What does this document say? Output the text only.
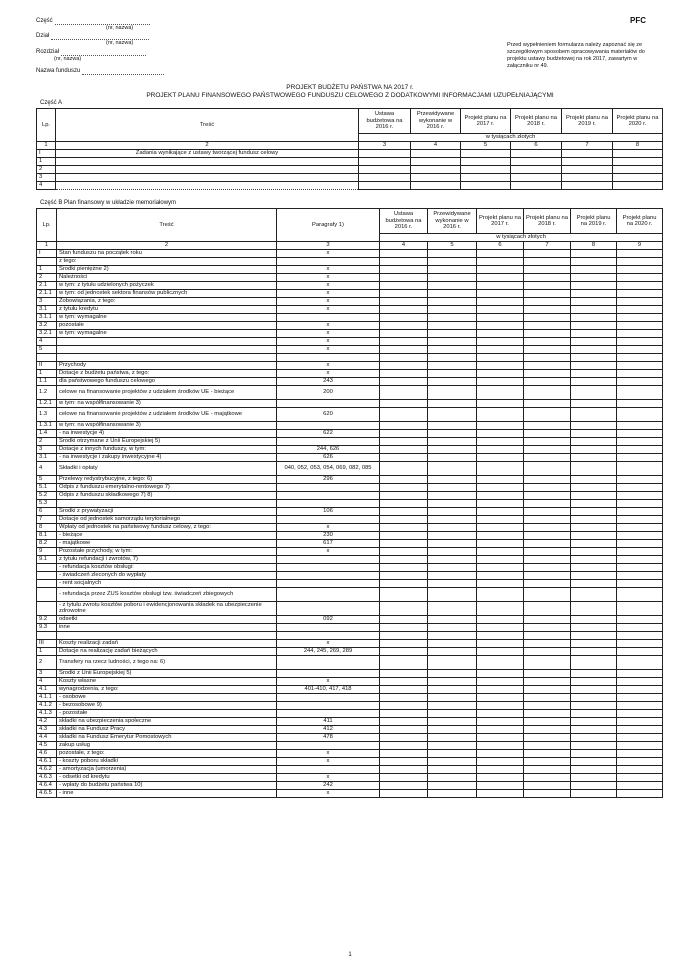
Część
(nr, nazwa)
Dział
(nr, nazwa)
Rozdział
(nr, nazwa)
Nazwa funduszu
PFC
Przed wypełnieniem formularza należy zapoznać się ze szczegółowym sposobem opracowywania materiałów do projektu ustawy budżetowej na rok 2017, zawartym w załączniku nr 49.
PROJEKT BUDŻETU PAŃSTWA NA 2017 r.
PROJEKT PLANU FINANSOWEGO PAŃSTWOWEGO FUNDUSZU CELOWEGO Z DODATKOWYMI INFORMACJAMI UZUPEŁNIAJĄCYMI
Część A
Lp.	Treść	Ustawa budżetowa na 2016 r.	Przewidywane wykonanie w 2016 r.	Projekt planu na 2017 r.	Projekt planu na 2018 r.	Projekt planu na 2019 r.	Projekt planu na 2020 r.
		w tysiącach złotych					
1	2	3	4	5	6	7	8
I	Zadania wynikające z ustawy tworzącej fundusz celowy						
1							
2							
3							
4							
Część B Plan finansowy w układzie memoriałowym
Lp.	Treść	Paragrafy 1)	Ustawa budżetowa na 2016 r.	Przewidywane wykonanie w 2016 r.	Projekt planu na 2017 r.	Projekt planu na 2018 r.	Projekt planu na 2019 r.	Projekt planu na 2020 r.
			w tysiącach złotych					
1	2	3	4	5	6	7	8	9
I	Stan funduszu na początek roku	x						
	z tego:							
1	Środki pieniężne 2)	x						
2	Należności	x						
2.1	w tym: z tytułu udzielonych pożyczek	x						
2.1.1	w tym: od jednostek sektora finansów publicznych	x						
3	Zobowiązania, z tego:	x						
3.1	z tytułu kredytu	x						
3.1.1	w tym: wymagalne							
3.2	pozostałe	x						
3.2.1	w tym: wymagalne	x						
4		x						
5		x						

II	Przychody	x						
1	Dotacje z budżetu państwa, z tego:	x						
1.1	dla państwowego funduszu celowego	243						
1.2	celowe na finansowanie projektów z udziałem środków UE - bieżące	200						
1.2.1	w tym: na współfinansowanie 3)							
1.3	celowe na finansowanie projektów z udziałem środków UE - majątkowe	620						
1.3.1	w tym: na współfinansowanie 3)							
1.4	- na inwestycje 4)	622						
2	Środki otrzymane z Unii Europejskiej 5)							
3	Dotacje z innych funduszy, w tym:	244, 626						
3.1	- na inwestycje i zakupy inwestycyjne 4)	626						
4	Składki i opłaty	040, 052, 053, 054, 069, 082, 085						
5	Przelewy redystrybucyjne, z tego: 6)	296						
5.1	Odpis z funduszu emerytalno-rentowego 7)							
5.2	Odpis z funduszu składkowego 7) 8)							
5.3								
6	Środki z prywatyzacji	106						
7	Dotacje od jednostek samorządu terytorialnego							
8	Wpłaty od jednostek na państwowy fundusz celowy, z tego:	x						
8.1	- bieżące	230						
8.2	- majątkowe	617						
9	Pozostałe przychody, w tym:	x						
9.1	z tytułu refundacji i zwrotów, 7)							
	- refundacja kosztów obsługi:							
	- świadczeń zleconych do wypłaty							
	- rent socjalnych							
	- refundacja przez ZUS kosztów obsługi tzw. świadczeń zbiegowych							
	- z tytułu zwrotu kosztów poboru i ewidencjonowania składek na ubezpieczenie zdrowotne							
9.2	odsetki	092						
9.3	inne							

III	Koszty realizacji zadań	x						
1	Dotacje na realizację zadań bieżących	244, 245, 269, 289						
2	Transfery na rzecz ludności, z tego na: 6)							
3	Środki z Unii Europejskiej 5)							
4	Koszty własne	x						
4.1	wynagrodzenia, z tego:	401-410, 417, 418						
4.1.1	- osobowe							
4.1.2	- bezosobowe 9)							
4.1.3	- pozostałe							
4.2	składki na ubezpieczenia społeczne	411						
4.3	składki na Fundusz Pracy	412						
4.4	składki na Fundusz Emerytur Pomostowych	478						
4.5	zakup usług							
4.6	pozostałe, z tego:	x						
4.6.1	- koszty poboru składki	x						
4.6.2	- amortyzacja (umorzenia)							
4.6.3	- odsetki od kredytu	x						
4.6.4	- wpłaty do budżetu państwa 10)	242						
4.6.5	- inne	x						
1
